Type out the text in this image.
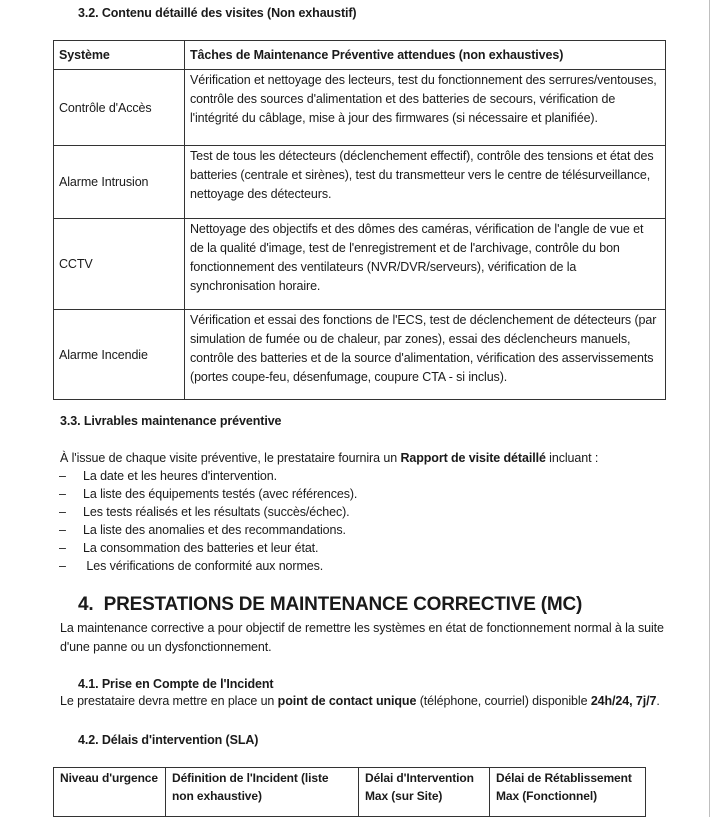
3.2. Contenu détaillé des visites (Non exhaustif)
Système	Tâches de Maintenance Préventive attendues (non exhaustives)
Contrôle d'Accès	Vérification et nettoyage des lecteurs, test du fonctionnement des serrures/ventouses, contrôle des sources d'alimentation et des batteries de secours, vérification de l'intégrité du câblage, mise à jour des firmwares (si nécessaire et planifiée).
Alarme Intrusion	Test de tous les détecteurs (déclenchement effectif), contrôle des tensions et état des batteries (centrale et sirènes), test du transmetteur vers le centre de télésurveillance, nettoyage des détecteurs.
CCTV	Nettoyage des objectifs et des dômes des caméras, vérification de l'angle de vue et de la qualité d'image, test de l'enregistrement et de l'archivage, contrôle du bon fonctionnement des ventilateurs (NVR/DVR/serveurs), vérification de la synchronisation horaire.
Alarme Incendie	Vérification et essai des fonctions de l'ECS, test de déclenchement de détecteurs (par simulation de fumée ou de chaleur, par zones), essai des déclencheurs manuels, contrôle des batteries et de la source d'alimentation, vérification des asservissements (portes coupe-feu, désenfumage, coupure CTA - si inclus).
3.3. Livrables maintenance préventive
À l'issue de chaque visite préventive, le prestataire fournira un Rapport de visite détaillé incluant :
– La date et les heures d'intervention.
– La liste des équipements testés (avec références).
– Les tests réalisés et les résultats (succès/échec).
– La liste des anomalies et des recommandations.
– La consommation des batteries et leur état.
– Les vérifications de conformité aux normes.
4.  PRESTATIONS DE MAINTENANCE CORRECTIVE (MC)
La maintenance corrective a pour objectif de remettre les systèmes en état de fonctionnement normal à la suite
d'une panne ou un dysfonctionnement.
4.1. Prise en Compte de l'Incident
Le prestataire devra mettre en place un point de contact unique (téléphone, courriel) disponible 24h/24, 7j/7.
4.2. Délais d'intervention (SLA)
Niveau d'urgence	Définition de l'Incident (liste non exhaustive)	Délai d'Intervention Max (sur Site)	Délai de Rétablissement Max (Fonctionnel)
